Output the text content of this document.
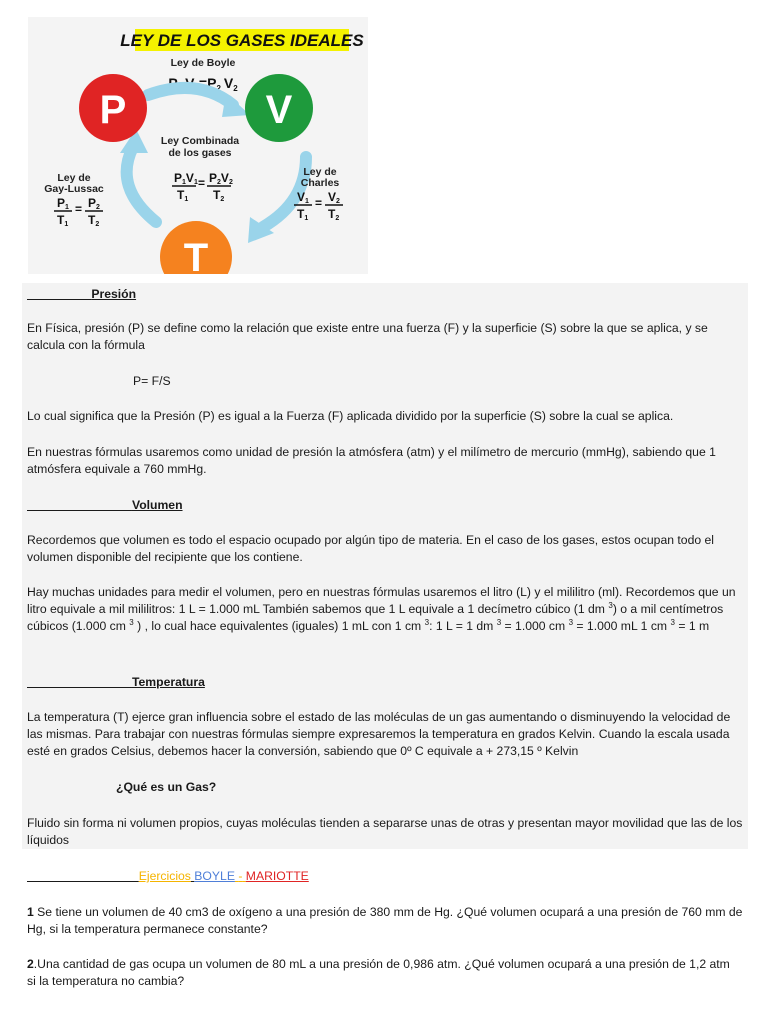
LEY DE LOS GASES IDEALES
Ley de Boyle
$P_1$ $V_1=P_2$ $V_2$
P	V
T
Ley Combinada
de los gases
P1V1
T1
= P2V2
T2
Ley de
Gay-Lussac
P1
T1
= P2
T2
Ley de
Charles
V1
T1
= V2
T2
Presión
En Física, presión (P) se define como la relación que existe entre una fuerza (F) y la superficie (S) sobre la que se aplica, y se calcula con la fórmula
P= F/S
Lo cual significa que la Presión (P) es igual a la Fuerza (F) aplicada dividido por la superficie (S) sobre la cual se aplica.
En nuestras fórmulas usaremos como unidad de presión la atmósfera (atm) y el milímetro de mercurio (mmHg), sabiendo que 1 atmósfera equivale a 760 mmHg.
Volumen
Recordemos que volumen es todo el espacio ocupado por algún tipo de materia. En el caso de los gases, estos ocupan todo el volumen disponible del recipiente que los contiene.
Hay muchas unidades para medir el volumen, pero en nuestras fórmulas usaremos el litro (L) y el mililitro (ml). Recordemos que un litro equivale a mil mililitros: 1 L = 1.000 mL También sabemos que 1 L equivale a 1 decímetro cúbico (1 dm $^3$) o a mil centímetros cúbicos (1.000 cm $^3$ ) , lo cual hace equivalentes (iguales) 1 mL con 1 cm $^3$: 1 L = 1 dm $^3$ = 1.000 cm $^3$ = 1.000 mL 1 cm $^3$ = 1 m
Temperatura
La temperatura (T) ejerce gran influencia sobre el estado de las moléculas de un gas aumentando o disminuyendo la velocidad de las mismas. Para trabajar con nuestras fórmulas siempre expresaremos la temperatura en grados Kelvin. Cuando la escala usada esté en grados Celsius, debemos hacer la conversión, sabiendo que 0º C equivale a + 273,15 º Kelvin
¿Qué es un Gas?
Fluido sin forma ni volumen propios, cuyas moléculas tienden a separarse unas de otras y presentan mayor movilidad que las de los líquidos
Ejercicios BOYLE - MARIOTTE
1 Se tiene un volumen de 40 cm3 de oxígeno a una presión de 380 mm de Hg. ¿Qué volumen ocupará a una presión de 760 mm de Hg, si la temperatura permanece constante?
2.Una cantidad de gas ocupa un volumen de 80 mL a una presión de 0,986 atm. ¿Qué volumen ocupará a una presión de 1,2 atm si la temperatura no cambia?
